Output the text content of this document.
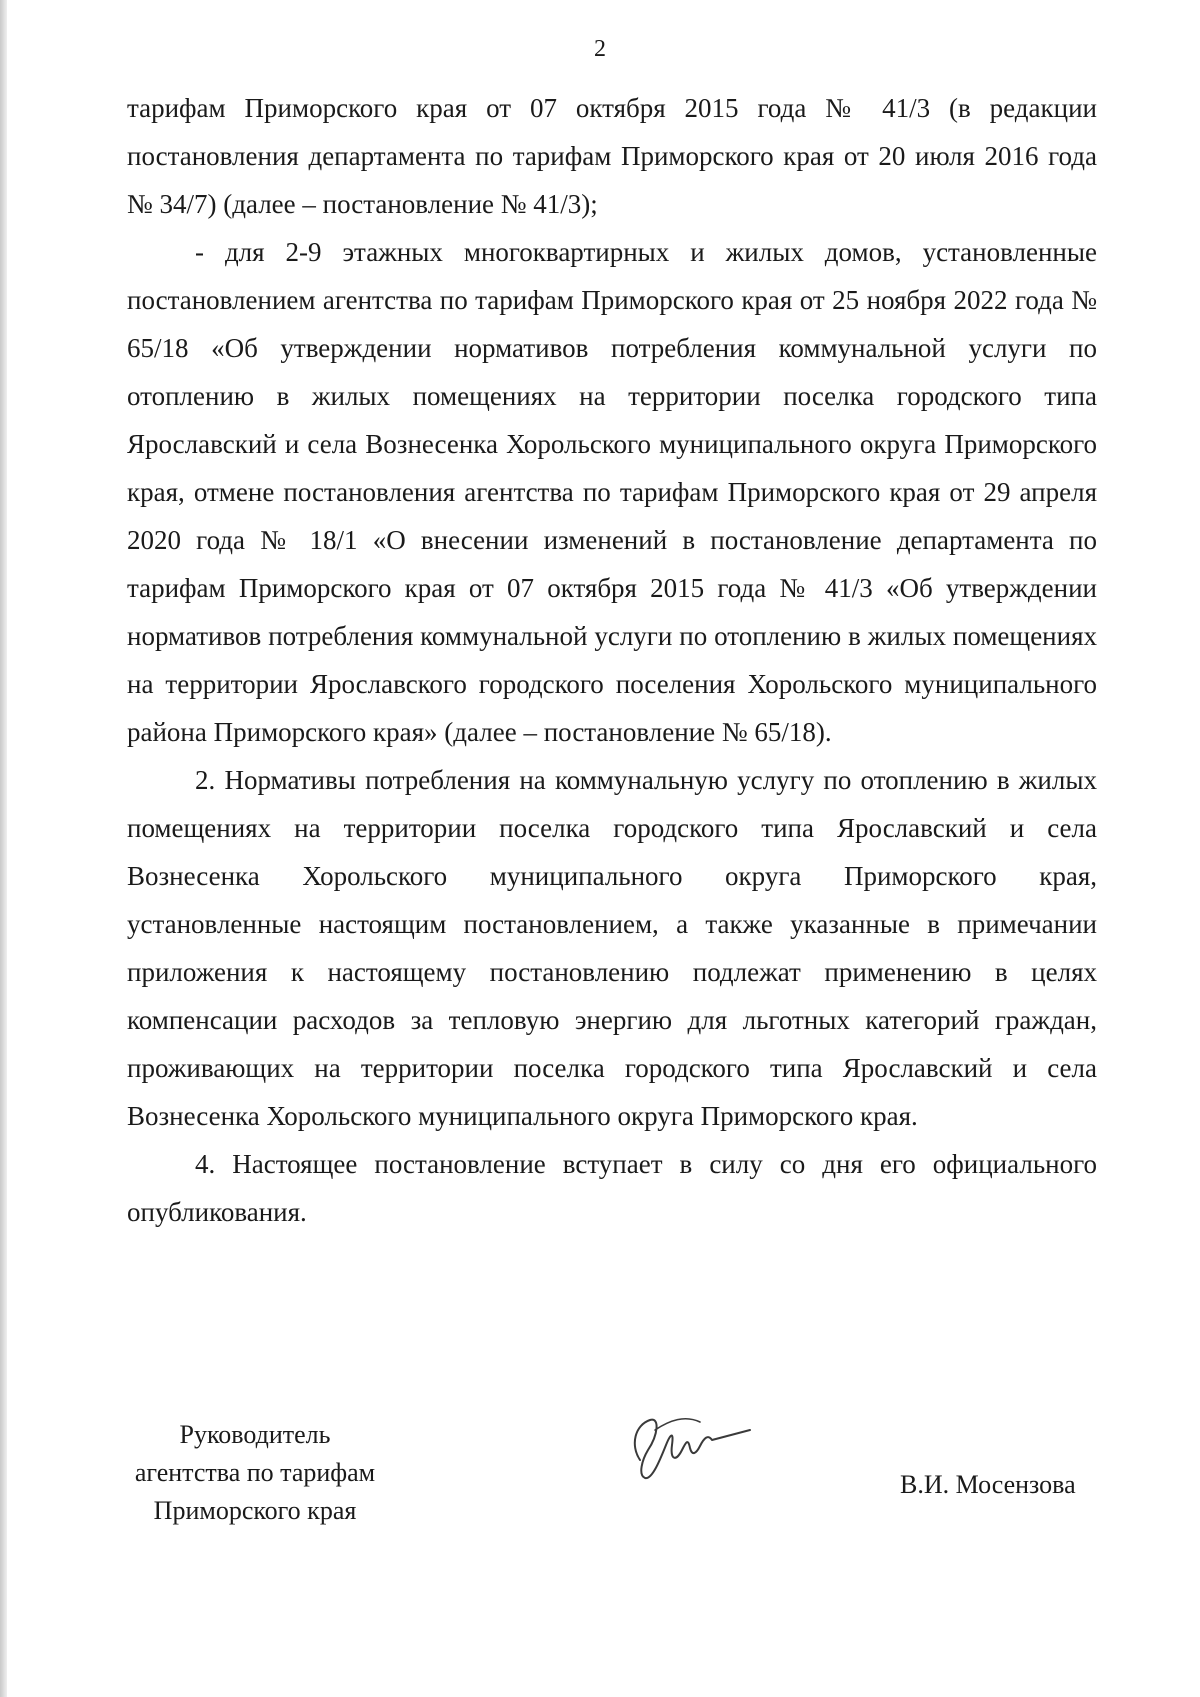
2

тарифам Приморского края от 07 октября 2015 года № 41/3 (в редакции постановления департамента по тарифам Приморского края от 20 июля 2016 года № 34/7) (далее – постановление № 41/3);

- для 2-9 этажных многоквартирных и жилых домов, установленные постановлением агентства по тарифам Приморского края от 25 ноября 2022 года № 65/18 «Об утверждении нормативов потребления коммунальной услуги по отоплению в жилых помещениях на территории поселка городского типа Ярославский и села Вознесенка Хорольского муниципального округа Приморского края, отмене постановления агентства по тарифам Приморского края от 29 апреля 2020 года № 18/1 «О внесении изменений в постановление департамента по тарифам Приморского края от 07 октября 2015 года № 41/3 «Об утверждении нормативов потребления коммунальной услуги по отоплению в жилых помещениях на территории Ярославского городского поселения Хорольского муниципального района Приморского края» (далее – постановление № 65/18).

2. Нормативы потребления на коммунальную услугу по отоплению в жилых помещениях на территории поселка городского типа Ярославский и села Вознесенка Хорольского муниципального округа Приморского края, установленные настоящим постановлением, а также указанные в примечании приложения к настоящему постановлению подлежат применению в целях компенсации расходов за тепловую энергию для льготных категорий граждан, проживающих на территории поселка городского типа Ярославский и села Вознесенка Хорольского муниципального округа Приморского края.

4. Настоящее постановление вступает в силу со дня его официального опубликования.

Руководитель
агентства по тарифам
Приморского края
В.И. Мосензова
